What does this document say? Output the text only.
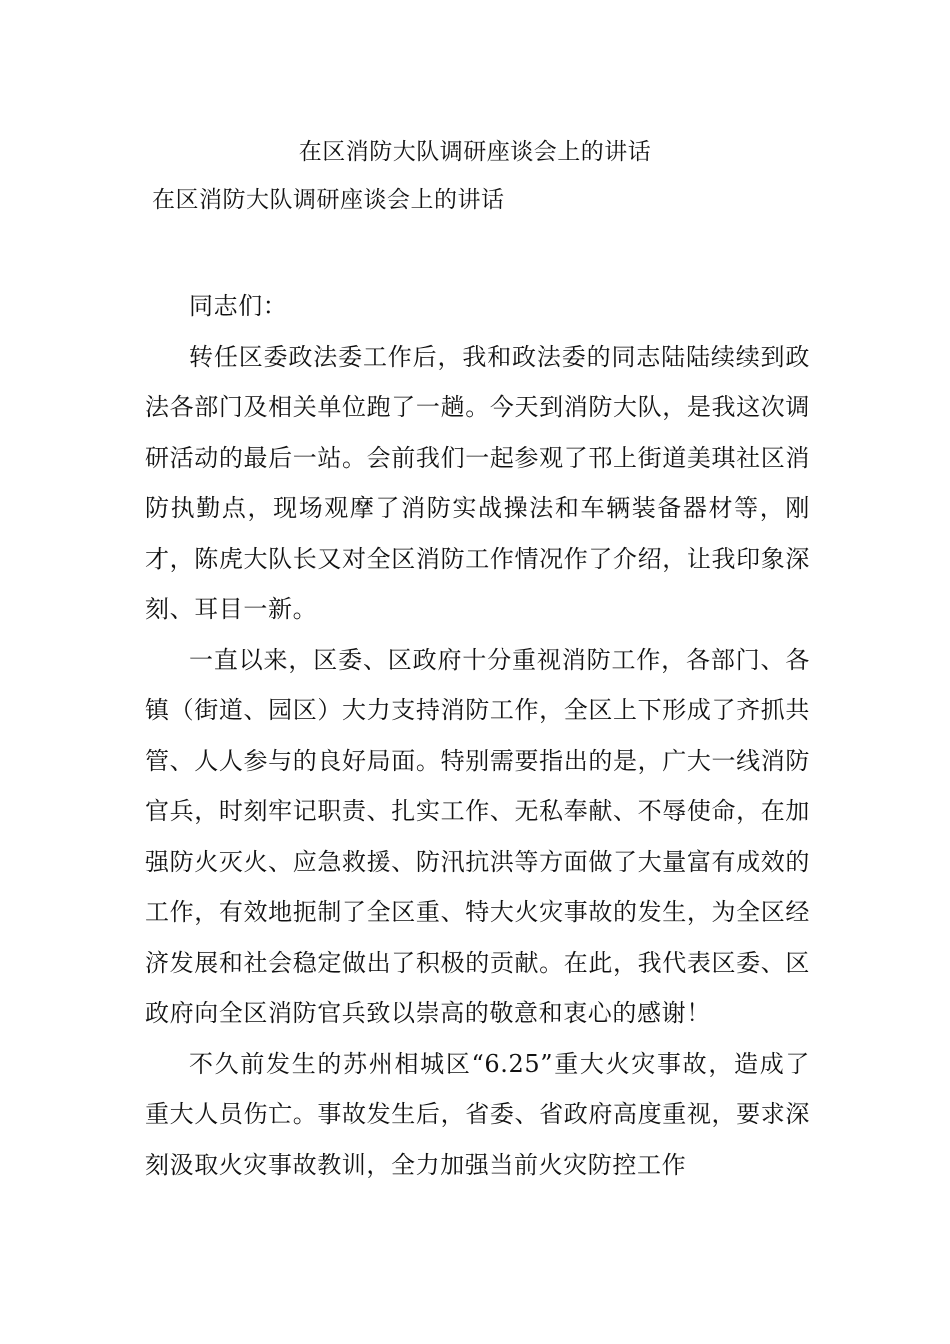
在区消防大队调研座谈会上的讲话
在区消防大队调研座谈会上的讲话

同志们：

转任区委政法委工作后，我和政法委的同志陆陆续续到政法各部门及相关单位跑了一趟。今天到消防大队，是我这次调研活动的最后一站。会前我们一起参观了邗上街道美琪社区消防执勤点，现场观摩了消防实战操法和车辆装备器材等，刚才，陈虎大队长又对全区消防工作情况作了介绍，让我印象深刻、耳目一新。

一直以来，区委、区政府十分重视消防工作，各部门、各镇（街道、园区）大力支持消防工作，全区上下形成了齐抓共管、人人参与的良好局面。特别需要指出的是，广大一线消防官兵，时刻牢记职责、扎实工作、无私奉献、不辱使命，在加强防火灭火、应急救援、防汛抗洪等方面做了大量富有成效的工作，有效地扼制了全区重、特大火灾事故的发生，为全区经济发展和社会稳定做出了积极的贡献。在此，我代表区委、区政府向全区消防官兵致以崇高的敬意和衷心的感谢！

不久前发生的苏州相城区“6.25”重大火灾事故，造成了重大人员伤亡。事故发生后，省委、省政府高度重视，要求深刻汲取火灾事故教训，全力加强当前火灾防控工作
